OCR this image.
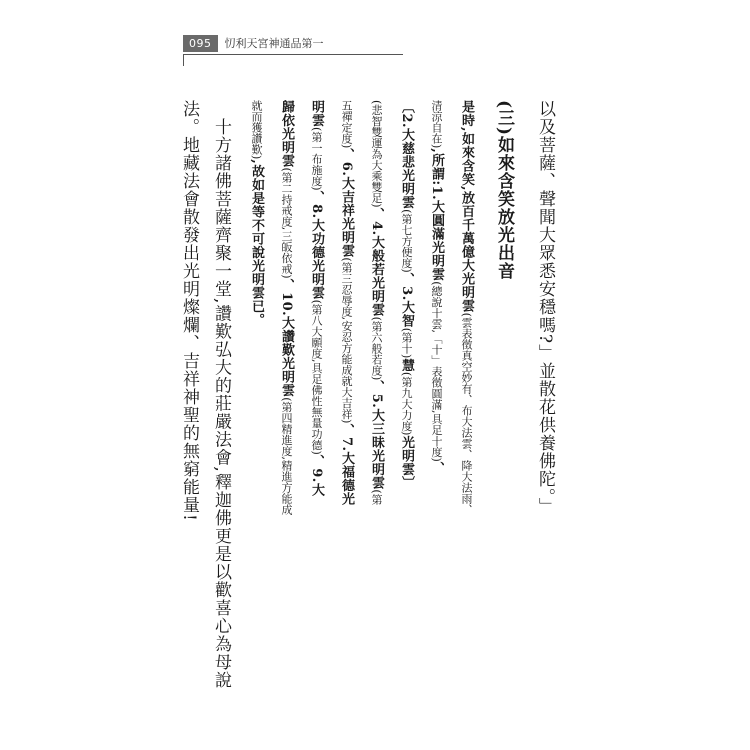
095	忉利天宮神通品第一
以及菩薩、聲聞大眾悉安穩嗎?」並散花供養佛陀。」
(三)如來含笑放光出音
是時,如來含笑,放百千萬億大光明雲(雲表徵真空妙有、布大法雲、降大法雨、
清涼自在),所謂:1.大圓滿光明雲(總說十雲,「十」表徵圓滿,具足十度)、
〔2.大慈悲光明雲(第七方便度)、3.大智(第十)慧(第九大力度)光明雲〕
(悲智雙運為大乘雙足)、4.大般若光明雲(第六般若度)、5.大三昧光明雲(第
五禪定度)、6.大吉祥光明雲(第三忍辱度,安忍方能成就大吉祥)、7.大福德光
明雲(第一布施度)、8.大功德光明雲(第八大願度,具足佛性無量功德)、9.大
歸依光明雲(第二持戒度,三皈依戒)、10.大讚歎光明雲(第四精進度,精進方能成
就而獲讚歎),故如是等不可說光明雲已。
十方諸佛菩薩齊聚一堂,讚歎弘大的莊嚴法會,釋迦佛更是以歡喜心為母說
法。地藏法會散發出光明燦爛、吉祥神聖的無窮能量!
